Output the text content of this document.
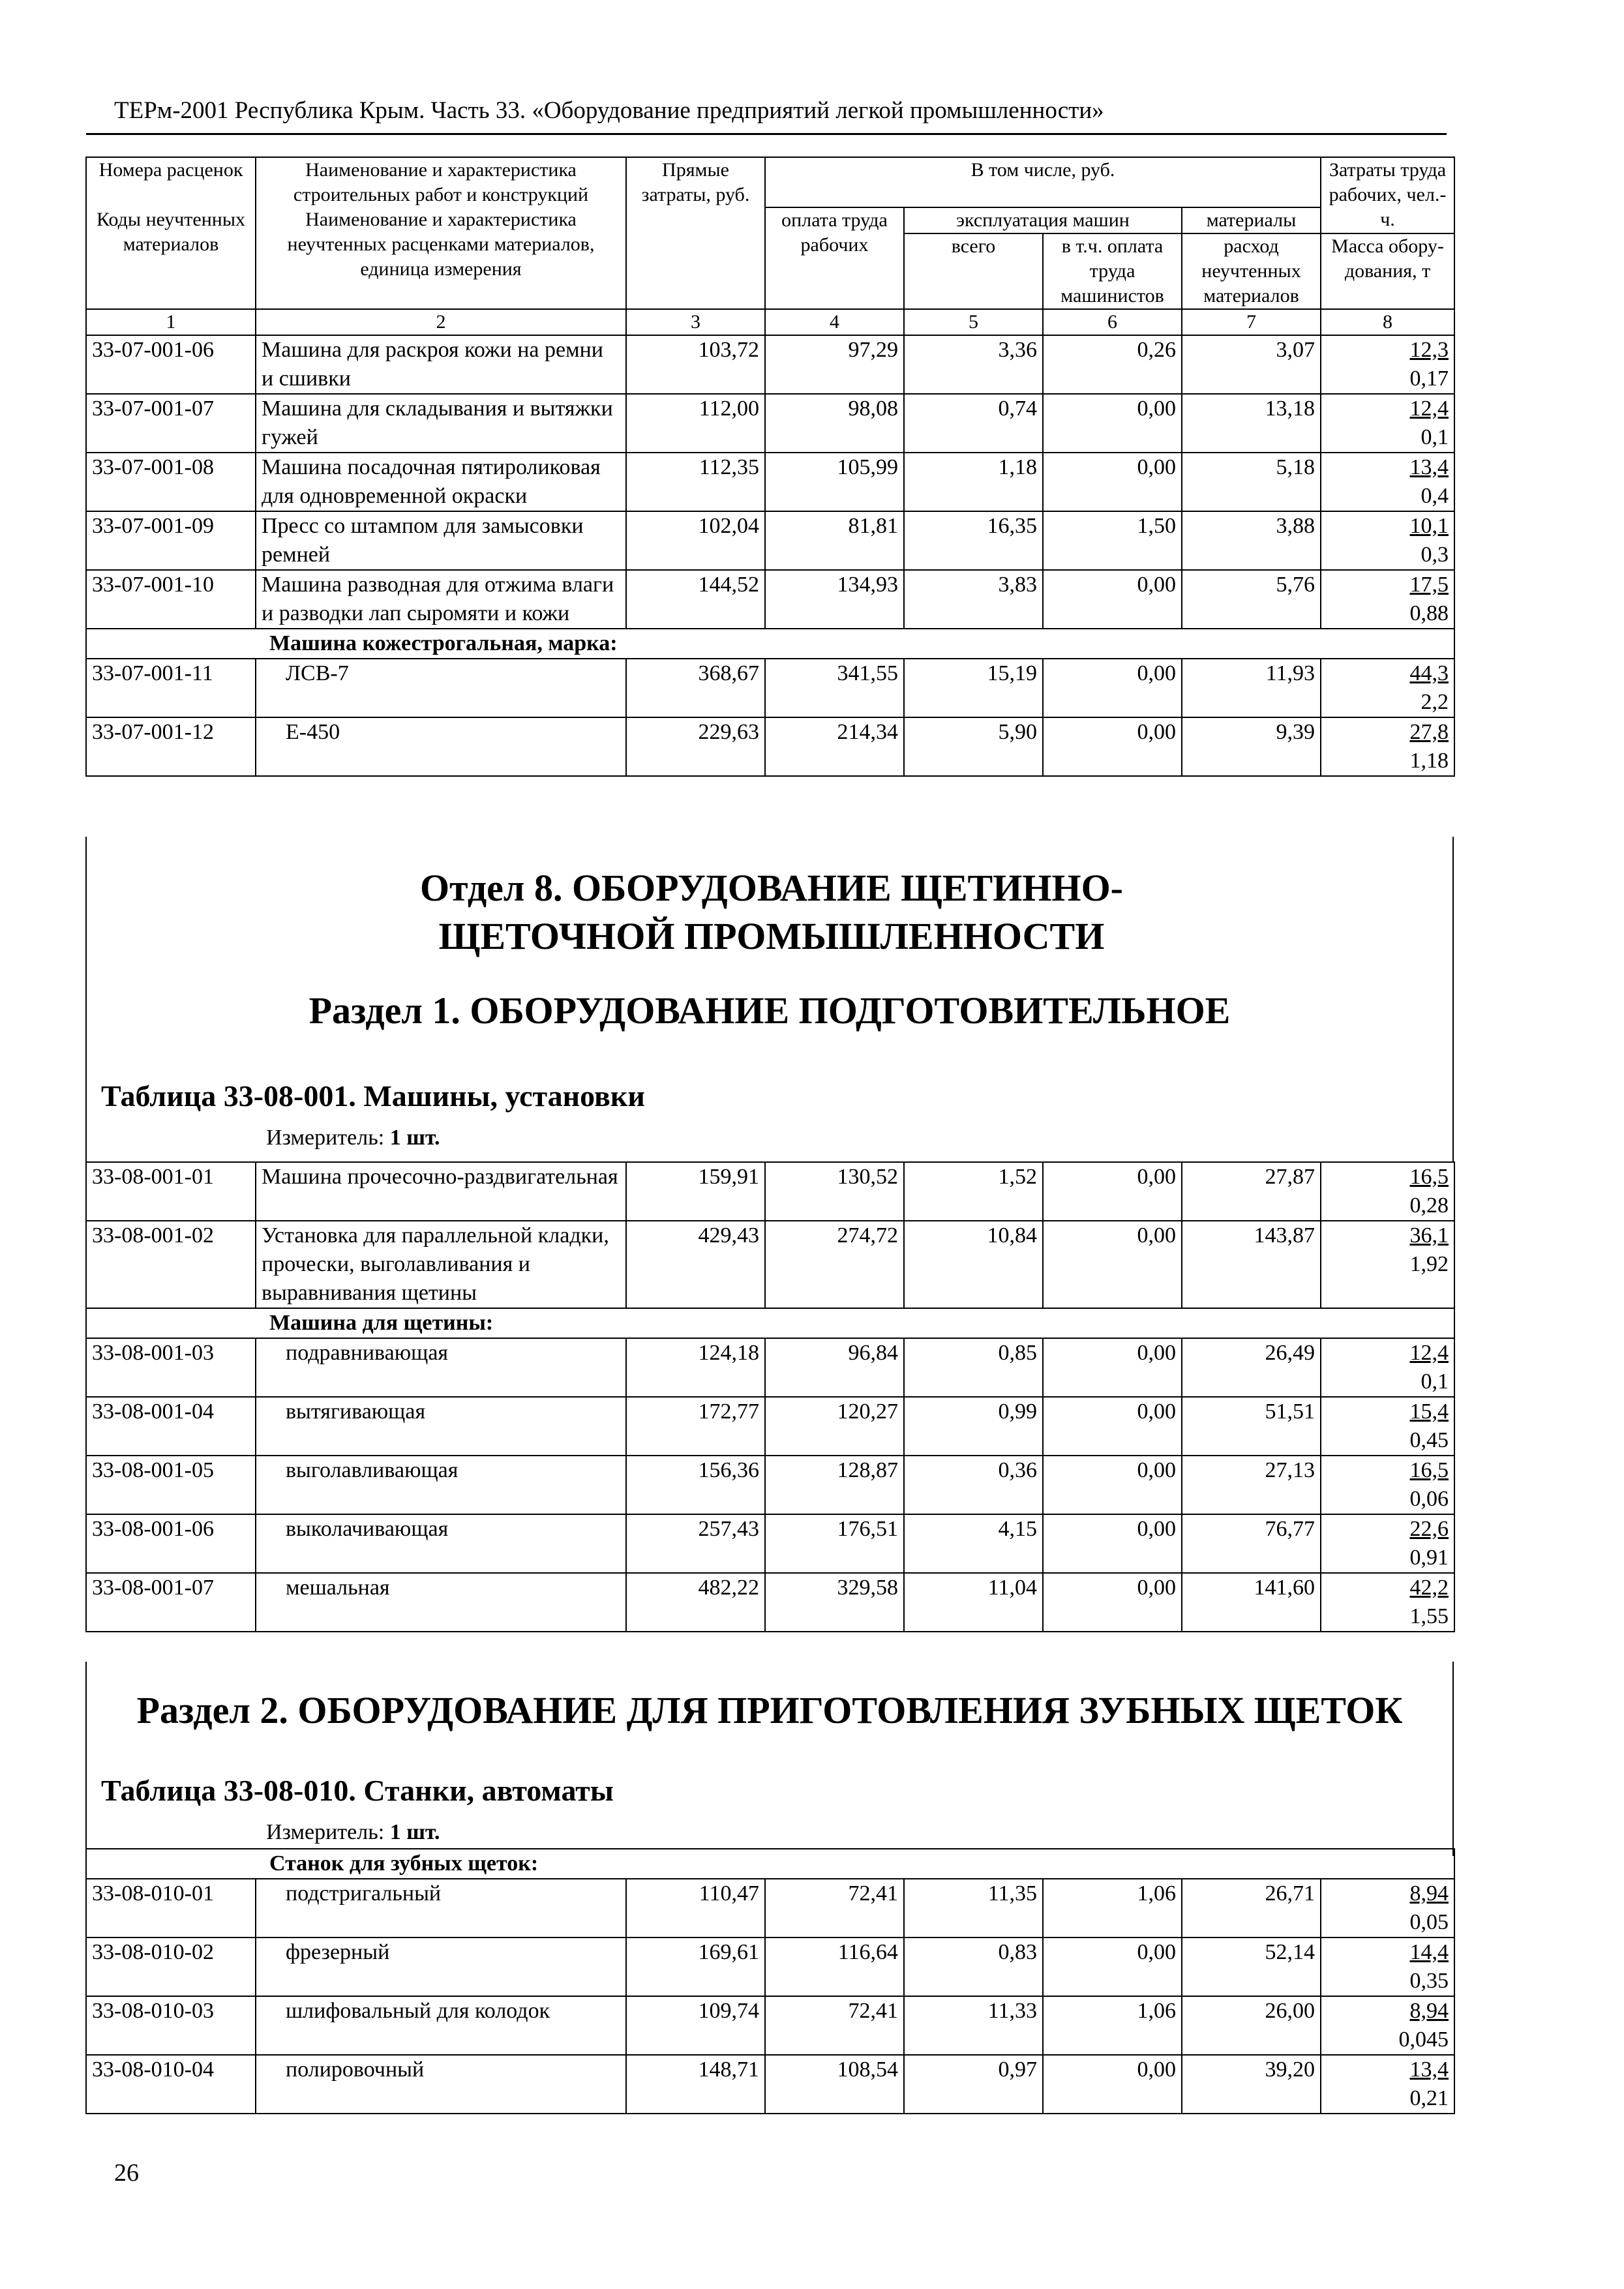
ТЕРм-2001 Республика Крым. Часть 33. «Оборудование предприятий легкой промышленности»
Номера расценок	Наименование и характеристика строительных работ и конструкций	Прямые затраты, руб.	В том числе, руб.				Затраты труда рабочих, чел.-ч.
Коды неучтенных материалов	Наименование и характеристика неучтенных расценками материалов, единица измерения		оплата труда рабочих	эксплуатация машин		материалы	
				всего	в т.ч. оплата труда машинистов	расход неучтенных материалов	Масса обору-дования, т
1	2	3	4	5	6	7	8
33-07-001-06	Машина для раскроя кожи на ремни и сшивки	103,72	97,29	3,36	0,26	3,07	12,3
0,17

33-07-001-07	Машина для складывания и вытяжки гужей	112,00	98,08	0,74	0,00	13,18	12,4
0,1

33-07-001-08	Машина посадочная пятироликовая для одновременной окраски	112,35	105,99	1,18	0,00	5,18	13,4
0,4

33-07-001-09	Пресс со штампом для замысовки ремней	102,04	81,81	16,35	1,50	3,88	10,1
0,3

33-07-001-10	Машина разводная для отжима влаги и разводки лап сыромяти и кожи	144,52	134,93	3,83	0,00	5,76	17,5
0,88

Машина кожестрогальная, марка:							
33-07-001-11	ЛСВ-7	368,67	341,55	15,19	0,00	11,93	44,3
2,2

33-07-001-12	Е-450	229,63	214,34	5,90	0,00	9,39	27,8
1,18
Отдел 8. ОБОРУДОВАНИЕ ЩЕТИННО-ЩЕТОЧНОЙ ПРОМЫШЛЕННОСТИ
Раздел 1. ОБОРУДОВАНИЕ ПОДГОТОВИТЕЛЬНОЕ
Таблица 33-08-001. Машины, установки
Измеритель: 1 шт.
33-08-001-01	Машина прочесочно-раздвигательная	159,91	130,52	1,52	0,00	27,87	16,5
0,28

33-08-001-02	Установка для параллельной кладки, прочески, выголавливания и выравнивания щетины	429,43	274,72	10,84	0,00	143,87	36,1
1,92

Машина для щетины:							
33-08-001-03	подравнивающая	124,18	96,84	0,85	0,00	26,49	12,4
0,1

33-08-001-04	вытягивающая	172,77	120,27	0,99	0,00	51,51	15,4
0,45

33-08-001-05	выголавливающая	156,36	128,87	0,36	0,00	27,13	16,5
0,06

33-08-001-06	выколачивающая	257,43	176,51	4,15	0,00	76,77	22,6
0,91

33-08-001-07	мешальная	482,22	329,58	11,04	0,00	141,60	42,2
1,55
Раздел 2. ОБОРУДОВАНИЕ ДЛЯ ПРИГОТОВЛЕНИЯ ЗУБНЫХ ЩЕТОК
Таблица 33-08-010. Станки, автоматы
Измеритель: 1 шт.
Станок для зубных щеток:							
33-08-010-01	подстригальный	110,47	72,41	11,35	1,06	26,71	8,94
0,05

33-08-010-02	фрезерный	169,61	116,64	0,83	0,00	52,14	14,4
0,35

33-08-010-03	шлифовальный для колодок	109,74	72,41	11,33	1,06	26,00	8,94
0,045

33-08-010-04	полировочный	148,71	108,54	0,97	0,00	39,20	13,4
0,21
26
